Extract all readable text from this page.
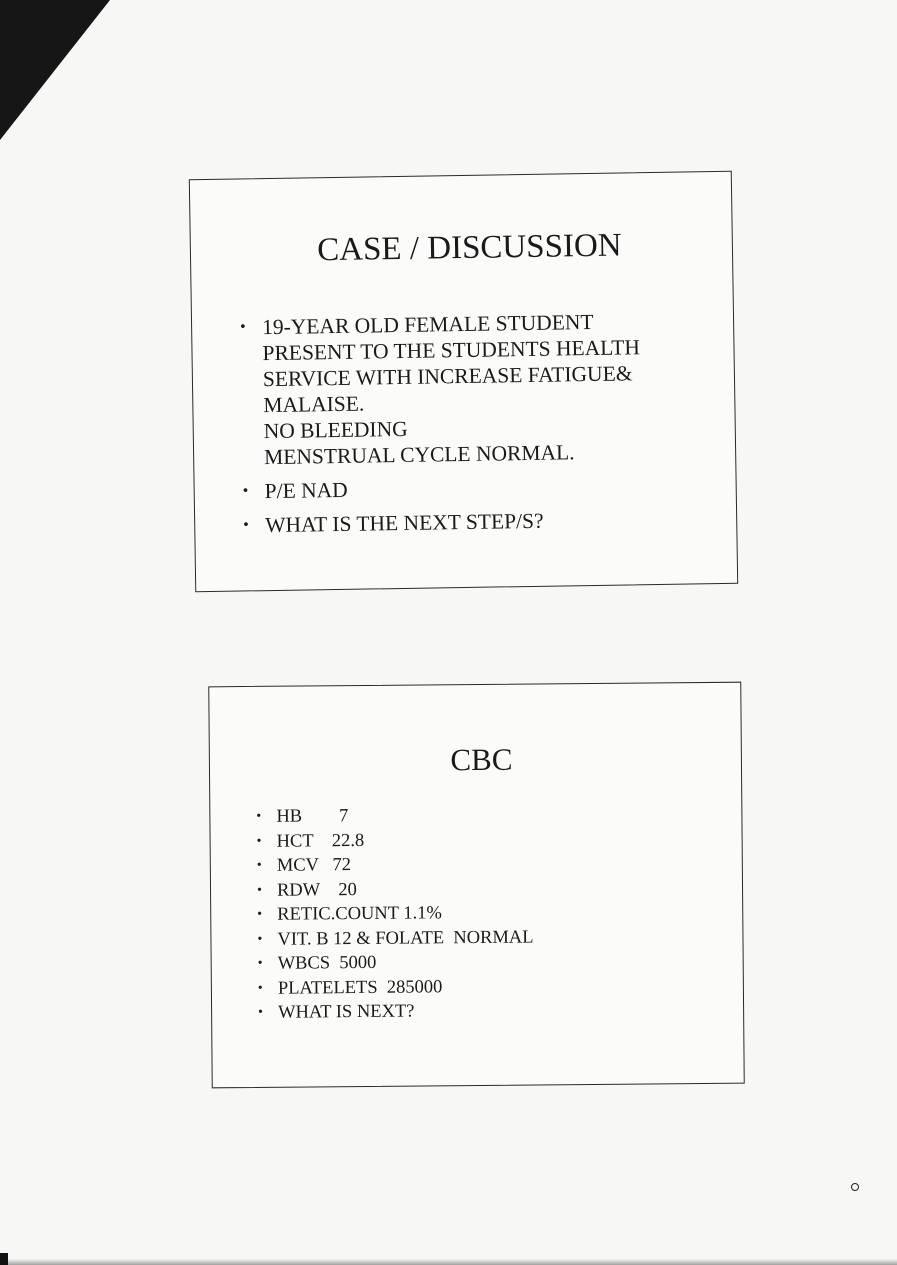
CASE / DISCUSSION
• 19-YEAR OLD FEMALE STUDENT
PRESENT TO THE STUDENTS HEALTH
SERVICE WITH INCREASE FATIGUE&
MALAISE.
NO BLEEDING
MENSTRUAL CYCLE NORMAL.
• P/E NAD
• WHAT IS THE NEXT STEP/S?
CBC
• HB        7
• HCT    22.8
• MCV   72
• RDW    20
• RETIC.COUNT 1.1%
• VIT. B 12 & FOLATE  NORMAL
• WBCS  5000
• PLATELETS  285000
• WHAT IS NEXT?
